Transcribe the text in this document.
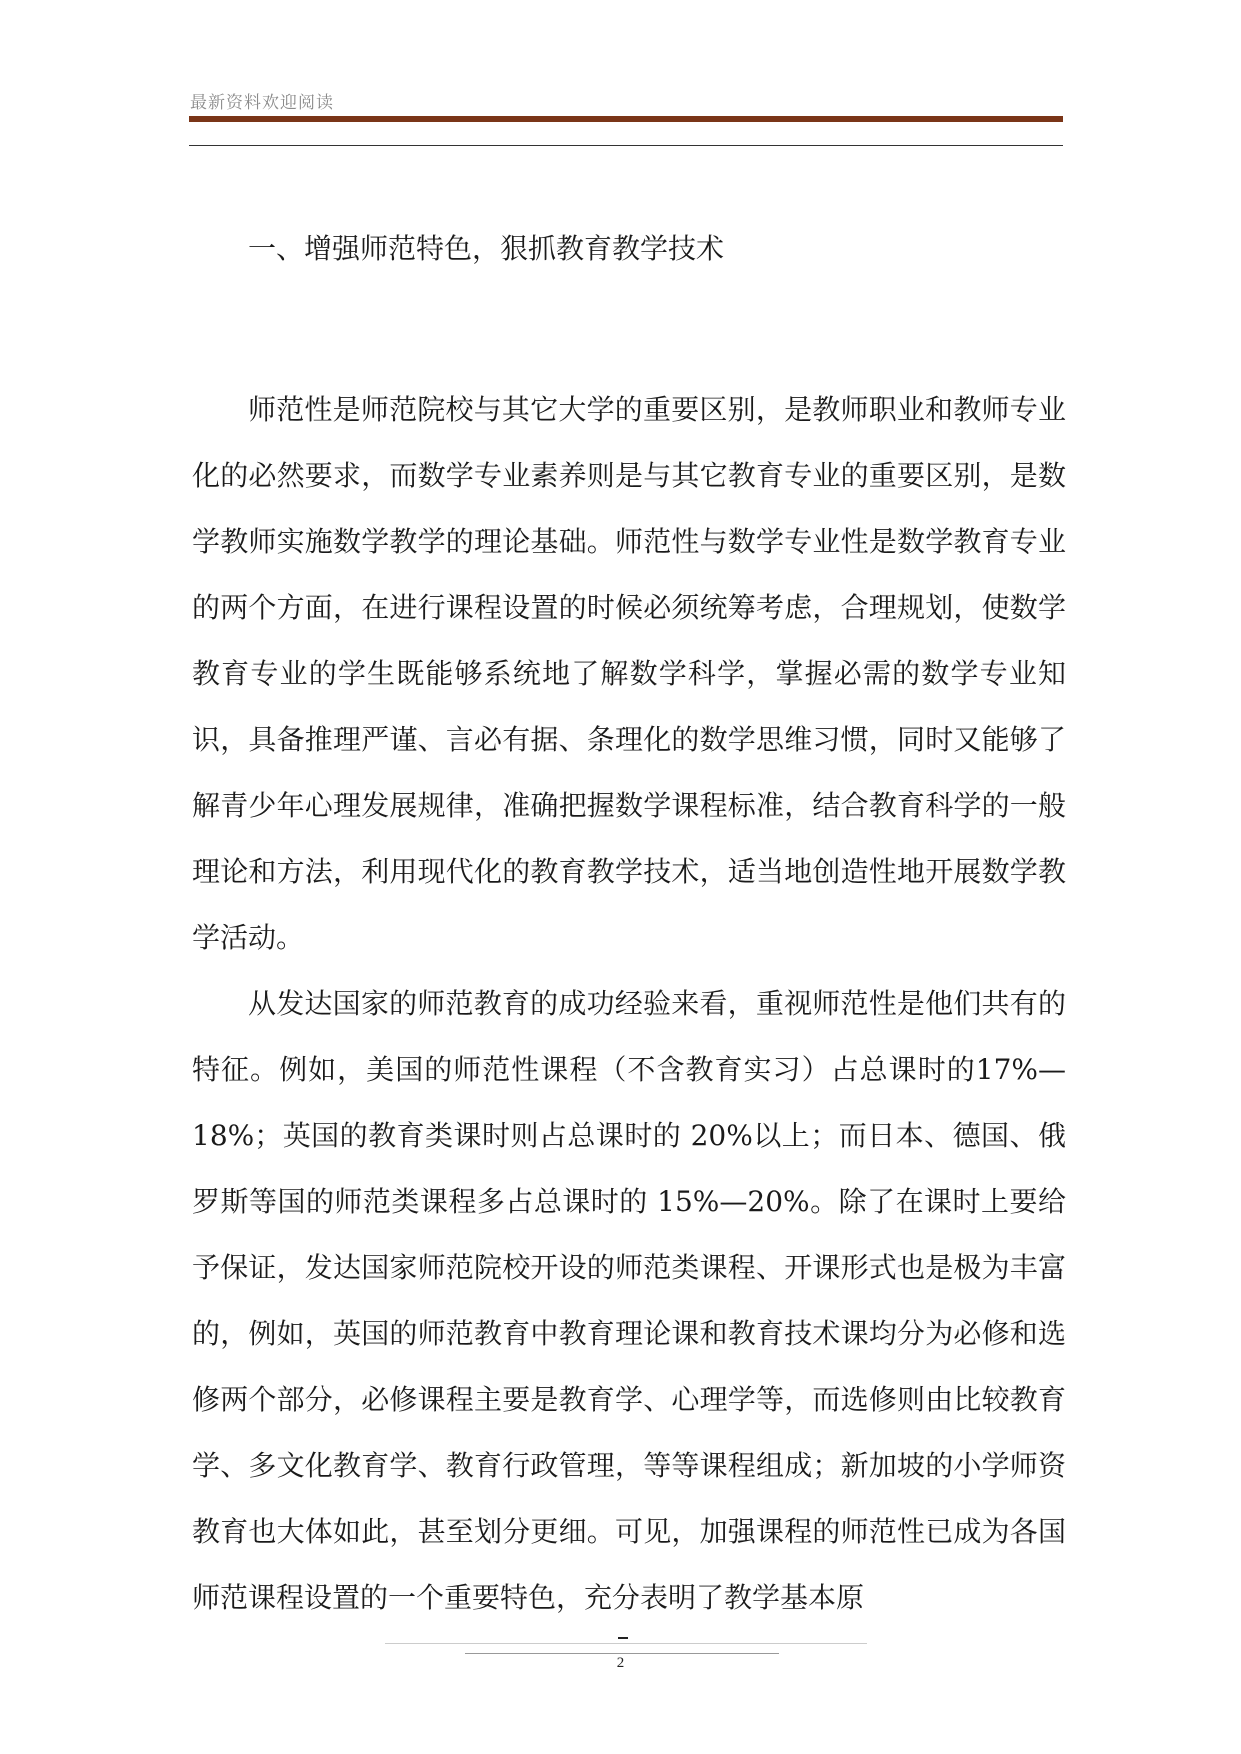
最新资料欢迎阅读
一、增强师范特色，狠抓教育教学技术

师范性是师范院校与其它大学的重要区别，是教师职业和教师专业化的必然要求，而数学专业素养则是与其它教育专业的重要区别，是数学教师实施数学教学的理论基础。师范性与数学专业性是数学教育专业的两个方面，在进行课程设置的时候必须统筹考虑，合理规划，使数学教育专业的学生既能够系统地了解数学科学，掌握必需的数学专业知识，具备推理严谨、言必有据、条理化的数学思维习惯，同时又能够了解青少年心理发展规律，准确把握数学课程标准，结合教育科学的一般理论和方法，利用现代化的教育教学技术，适当地创造性地开展数学教学活动。

从发达国家的师范教育的成功经验来看，重视师范性是他们共有的特征。例如，美国的师范性课程（不含教育实习）占总课时的17%—18%；英国的教育类课时则占总课时的 20%以上；而日本、德国、俄罗斯等国的师范类课程多占总课时的 15%—20%。除了在课时上要给予保证，发达国家师范院校开设的师范类课程、开课形式也是极为丰富的，例如，英国的师范教育中教育理论课和教育技术课均分为必修和选修两个部分，必修课程主要是教育学、心理学等，而选修则由比较教育学、多文化教育学、教育行政管理，等等课程组成；新加坡的小学师资教育也大体如此，甚至划分更细。可见，加强课程的师范性已成为各国师范课程设置的一个重要特色，充分表明了教学基本原

2
